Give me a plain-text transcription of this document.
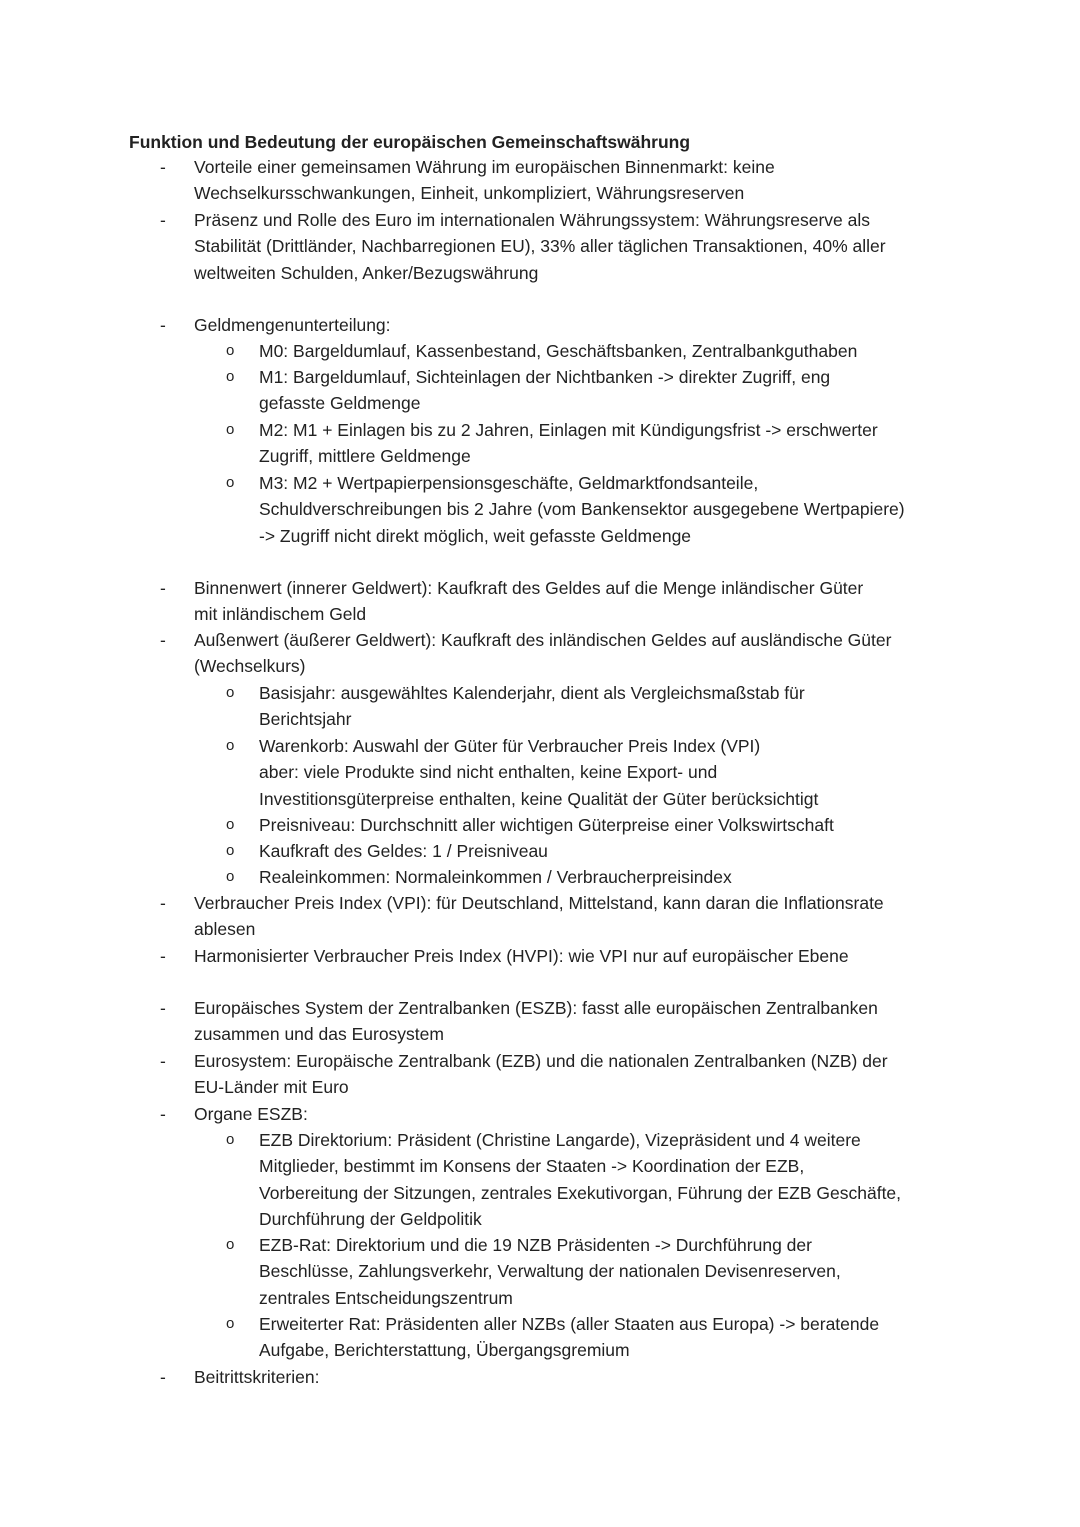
Funktion und Bedeutung der europäischen Gemeinschaftswährung
- Vorteile einer gemeinsamen Währung im europäischen Binnenmarkt: keine
Wechselkursschwankungen, Einheit, unkompliziert, Währungsreserven
- Präsenz und Rolle des Euro im internationalen Währungssystem: Währungsreserve als
Stabilität (Drittländer, Nachbarregionen EU), 33% aller täglichen Transaktionen, 40% aller
weltweiten Schulden, Anker/Bezugswährung
- Geldmengenunterteilung:
o M0: Bargeldumlauf, Kassenbestand, Geschäftsbanken, Zentralbankguthaben
o M1: Bargeldumlauf, Sichteinlagen der Nichtbanken -> direkter Zugriff, eng
gefasste Geldmenge
o M2: M1 + Einlagen bis zu 2 Jahren, Einlagen mit Kündigungsfrist -> erschwerter
Zugriff, mittlere Geldmenge
o M3: M2 + Wertpapierpensionsgeschäfte, Geldmarktfondsanteile,
Schuldverschreibungen bis 2 Jahre (vom Bankensektor ausgegebene Wertpapiere)
-> Zugriff nicht direkt möglich, weit gefasste Geldmenge
- Binnenwert (innerer Geldwert): Kaufkraft des Geldes auf die Menge inländischer Güter
mit inländischem Geld
- Außenwert (äußerer Geldwert): Kaufkraft des inländischen Geldes auf ausländische Güter
(Wechselkurs)
o Basisjahr: ausgewähltes Kalenderjahr, dient als Vergleichsmaßstab für
Berichtsjahr
o Warenkorb: Auswahl der Güter für Verbraucher Preis Index (VPI)
aber: viele Produkte sind nicht enthalten, keine Export- und
Investitionsgüterpreise enthalten, keine Qualität der Güter berücksichtigt
o Preisniveau: Durchschnitt aller wichtigen Güterpreise einer Volkswirtschaft
o Kaufkraft des Geldes: 1 / Preisniveau
o Realeinkommen: Normaleinkommen / Verbraucherpreisindex
- Verbraucher Preis Index (VPI): für Deutschland, Mittelstand, kann daran die Inflationsrate
ablesen
- Harmonisierter Verbraucher Preis Index (HVPI): wie VPI nur auf europäischer Ebene
- Europäisches System der Zentralbanken (ESZB): fasst alle europäischen Zentralbanken
zusammen und das Eurosystem
- Eurosystem: Europäische Zentralbank (EZB) und die nationalen Zentralbanken (NZB) der
EU-Länder mit Euro
- Organe ESZB:
o EZB Direktorium: Präsident (Christine Langarde), Vizepräsident und 4 weitere
Mitglieder, bestimmt im Konsens der Staaten -> Koordination der EZB,
Vorbereitung der Sitzungen, zentrales Exekutivorgan, Führung der EZB Geschäfte,
Durchführung der Geldpolitik
o EZB-Rat: Direktorium und die 19 NZB Präsidenten -> Durchführung der
Beschlüsse, Zahlungsverkehr, Verwaltung der nationalen Devisenreserven,
zentrales Entscheidungszentrum
o Erweiterter Rat: Präsidenten aller NZBs (aller Staaten aus Europa) -> beratende
Aufgabe, Berichterstattung, Übergangsgremium
- Beitrittskriterien:
